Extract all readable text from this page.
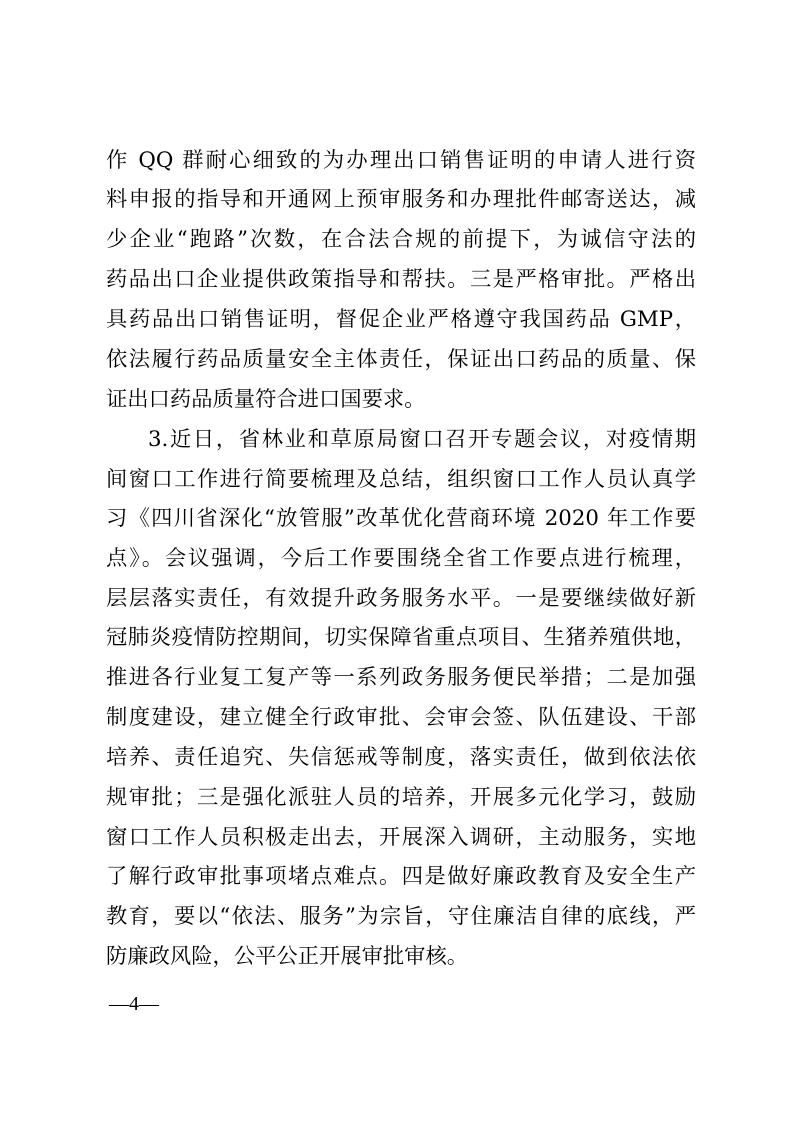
作 QQ 群耐心细致的为办理出口销售证明的申请人进行资
料申报的指导和开通网上预审服务和办理批件邮寄送达，减
少企业“跑路”次数，在合法合规的前提下，为诚信守法的
药品出口企业提供政策指导和帮扶。三是严格审批。严格出
具药品出口销售证明，督促企业严格遵守我国药品 GMP，
依法履行药品质量安全主体责任，保证出口药品的质量、保
证出口药品质量符合进口国要求。
3.近日，省林业和草原局窗口召开专题会议，对疫情期
间窗口工作进行简要梳理及总结，组织窗口工作人员认真学
习《四川省深化“放管服”改革优化营商环境 2020 年工作要
点》。会议强调，今后工作要围绕全省工作要点进行梳理，
层层落实责任，有效提升政务服务水平。一是要继续做好新
冠肺炎疫情防控期间，切实保障省重点项目、生猪养殖供地，
推进各行业复工复产等一系列政务服务便民举措；二是加强
制度建设，建立健全行政审批、会审会签、队伍建设、干部
培养、责任追究、失信惩戒等制度，落实责任，做到依法依
规审批；三是强化派驻人员的培养，开展多元化学习，鼓励
窗口工作人员积极走出去，开展深入调研，主动服务，实地
了解行政审批事项堵点难点。四是做好廉政教育及安全生产
教育，要以“依法、服务”为宗旨，守住廉洁自律的底线，严
防廉政风险，公平公正开展审批审核。
—4—
